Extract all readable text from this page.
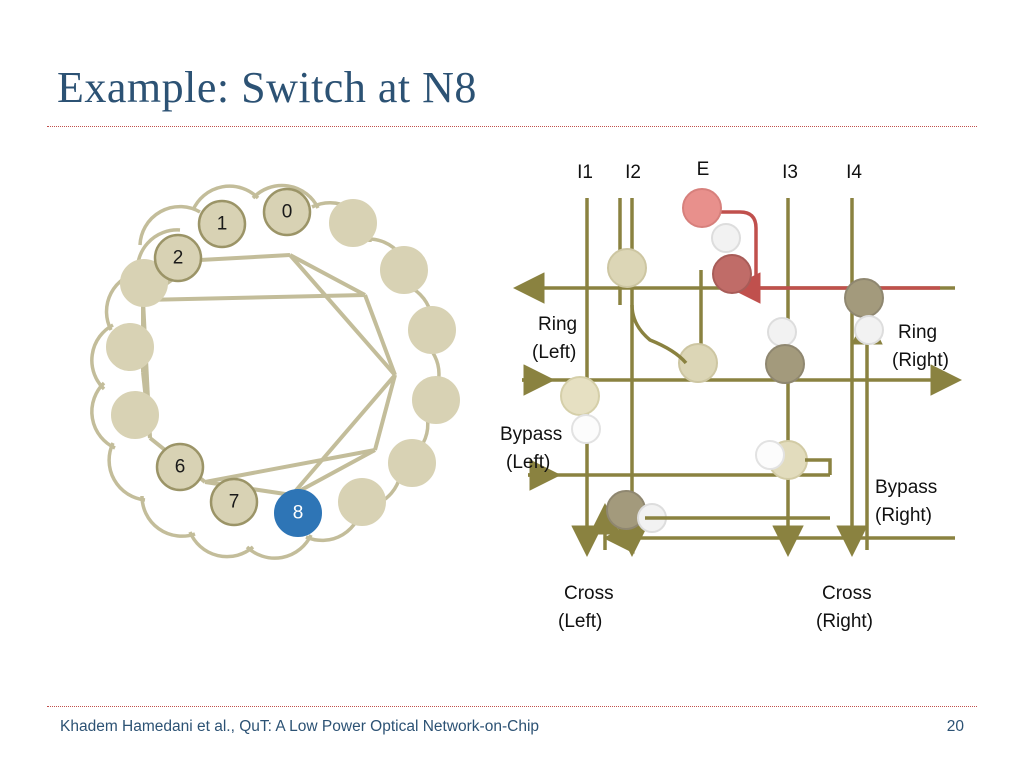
Example: Switch at N8
1
0
2
6
7
8
I1 I2	E	I3	I4
Ring
(Left)
Ring
(Right)
Bypass
(Left)
Bypass
(Right)
Cross
(Left)
Cross
(Right)
Khadem Hamedani et al., QuT: A Low Power Optical Network-on-Chip	20
